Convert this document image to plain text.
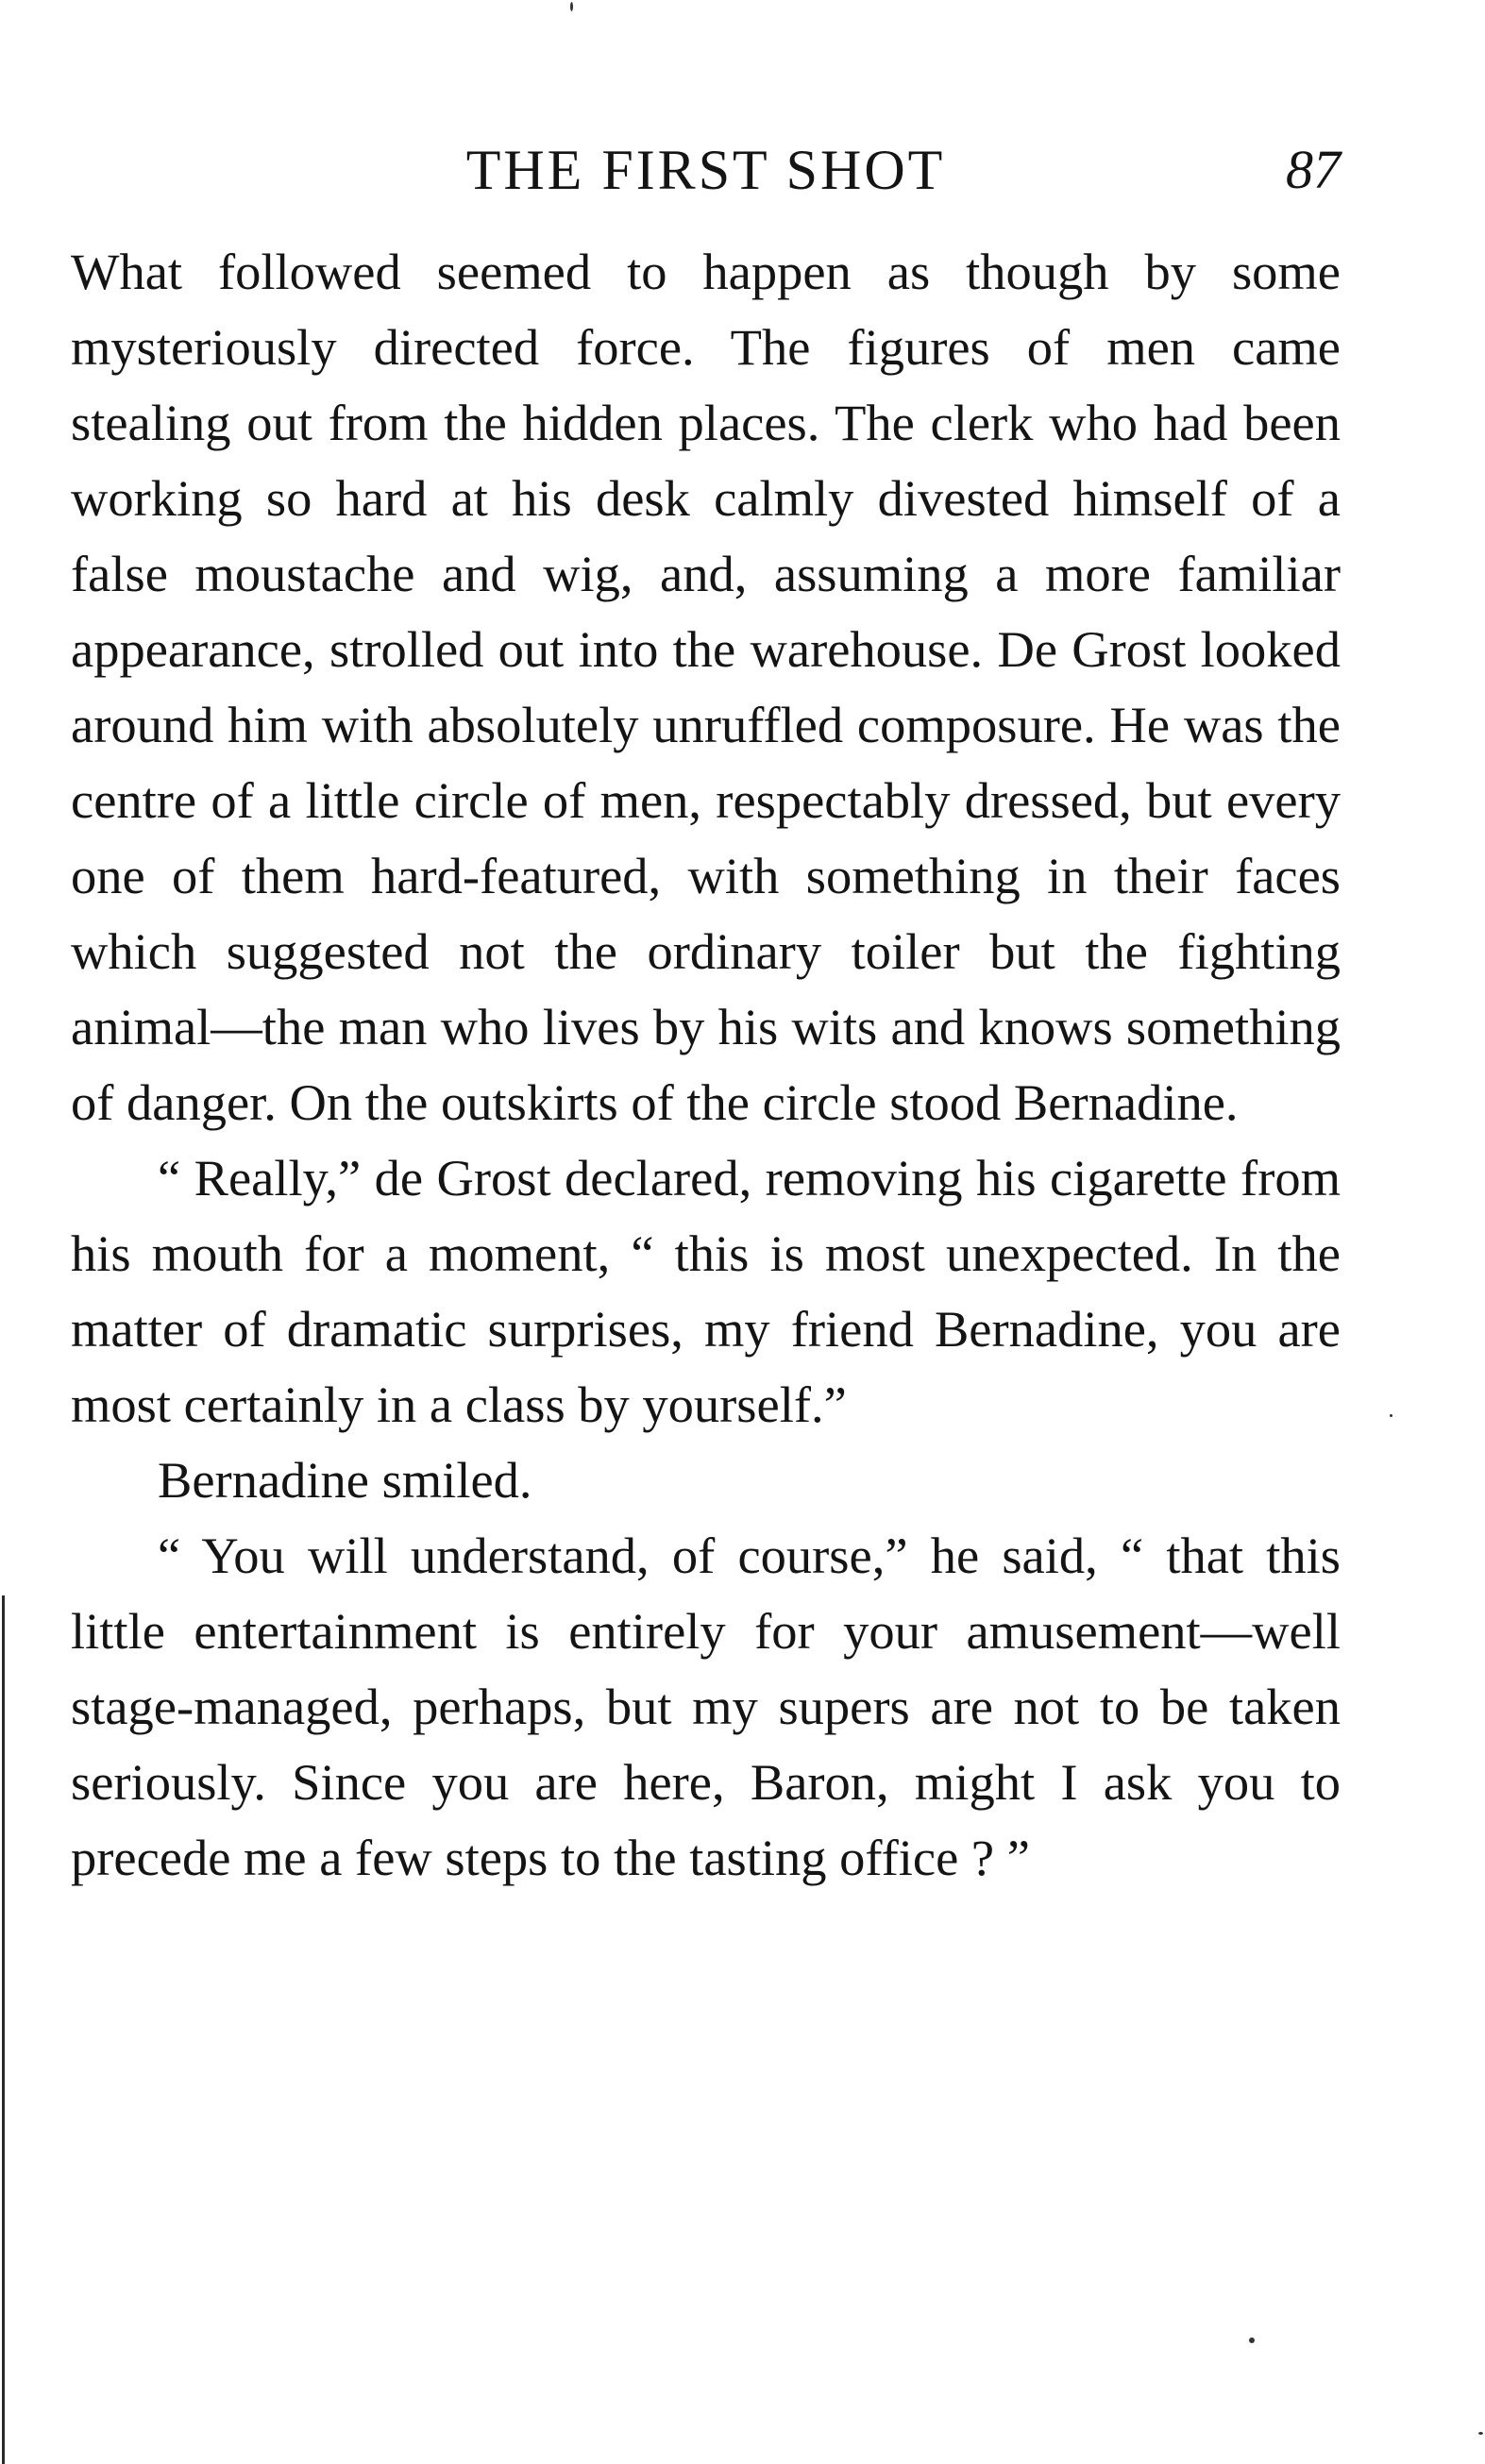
THE FIRST SHOT	87

What followed seemed to happen as though by some mysteriously directed force. The figures of men came stealing out from the hidden places. The clerk who had been working so hard at his desk calmly divested himself of a false moustache and wig, and, assuming a more familiar appearance, strolled out into the warehouse. De Grost looked around him with absolutely unruffled composure. He was the centre of a little circle of men, respectably dressed, but every one of them hard-featured, with something in their faces which suggested not the ordinary toiler but the fighting animal—the man who lives by his wits and knows something of danger. On the outskirts of the circle stood Bernadine.

“ Really,” de Grost declared, removing his cigarette from his mouth for a moment, “ this is most unexpected. In the matter of dramatic surprises, my friend Bernadine, you are most certainly in a class by yourself.”

Bernadine smiled.

“ You will understand, of course,” he said, “ that this little entertainment is entirely for your amusement—well stage-managed, perhaps, but my supers are not to be taken seriously. Since you are here, Baron, might I ask you to precede me a few steps to the tasting office ? ”
